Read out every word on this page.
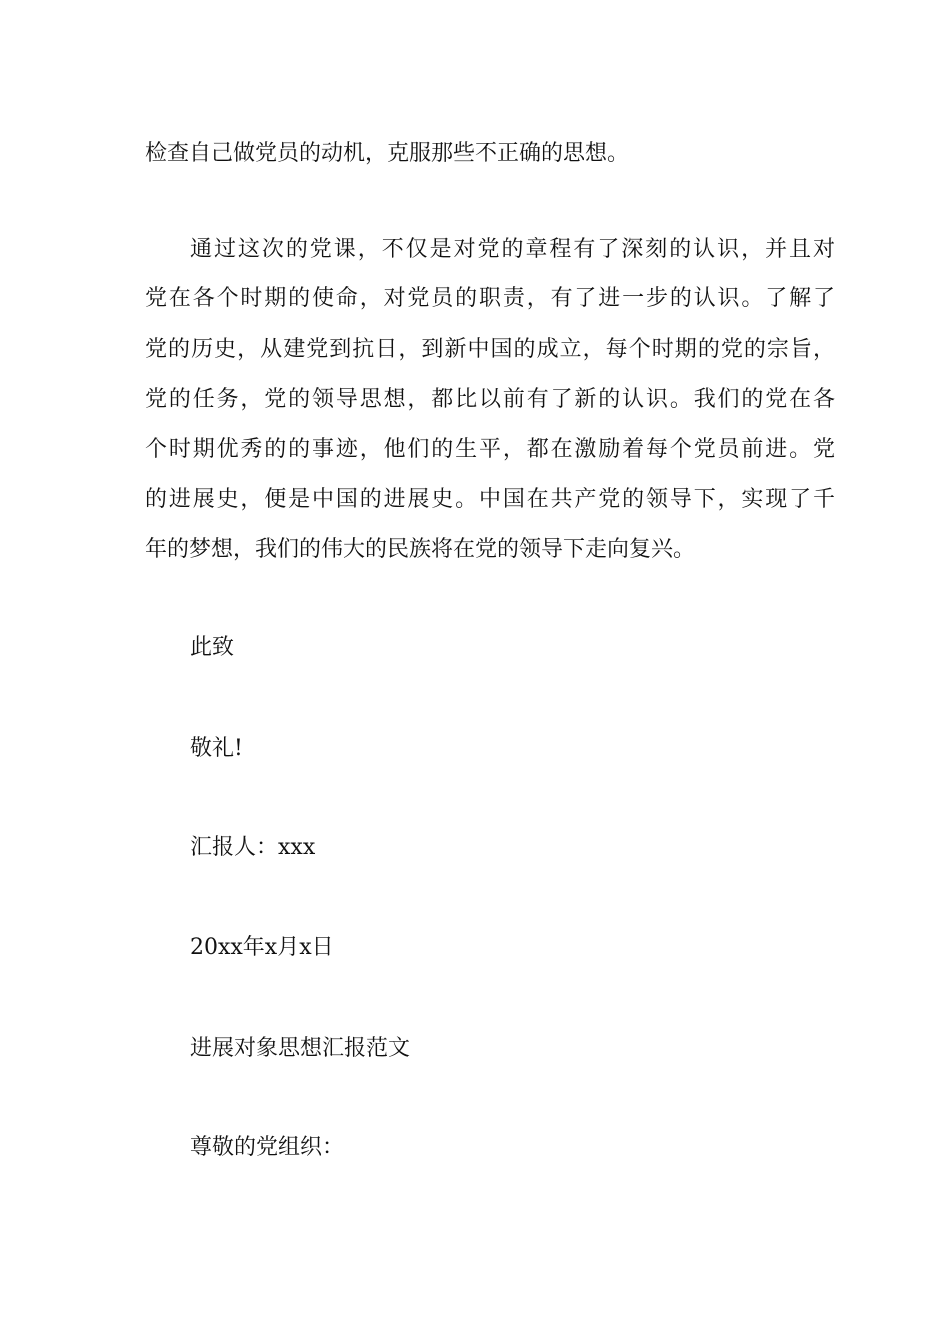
检查自己做党员的动机，克服那些不正确的思想。
通过这次的党课，不仅是对党的章程有了深刻的认识，并且对
党在各个时期的使命，对党员的职责，有了进一步的认识。了解了
党的历史，从建党到抗日，到新中国的成立，每个时期的党的宗旨，
党的任务，党的领导思想，都比以前有了新的认识。我们的党在各
个时期优秀的的事迹，他们的生平，都在激励着每个党员前进。党
的进展史，便是中国的进展史。中国在共产党的领导下，实现了千
年的梦想，我们的伟大的民族将在党的领导下走向复兴。
此致
敬礼!
汇报人：xxx
20xx年x月x日
进展对象思想汇报范文
尊敬的党组织：
